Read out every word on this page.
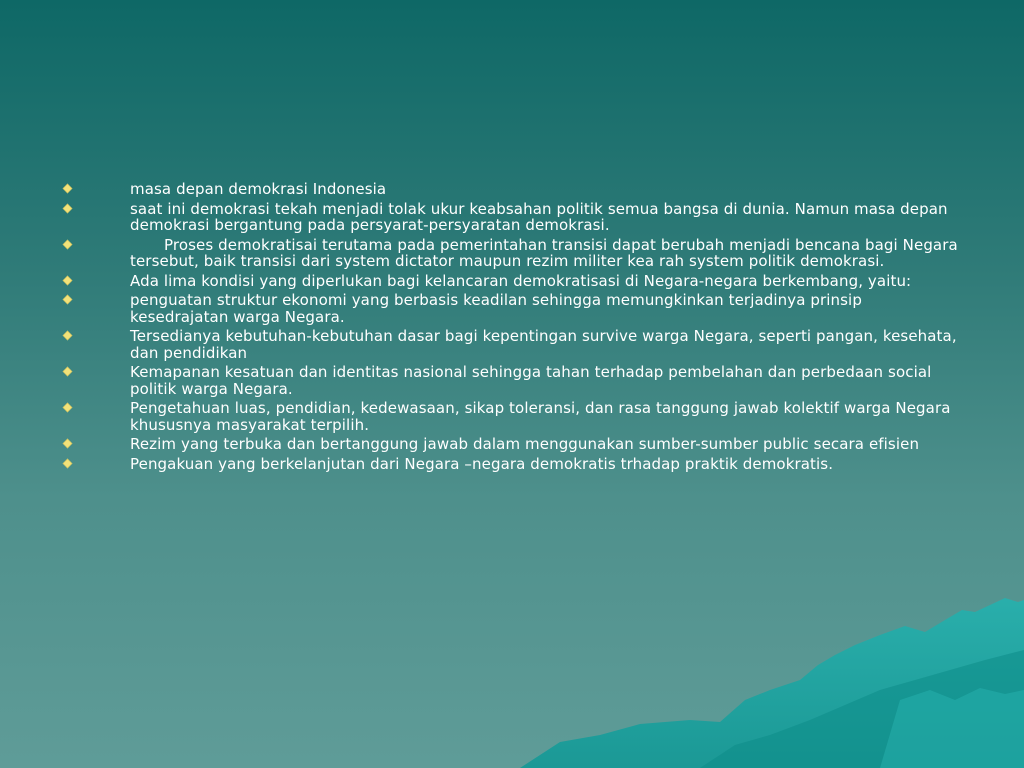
masa depan demokrasi Indonesia
saat ini demokrasi tekah menjadi tolak ukur keabsahan politik semua bangsa di dunia. Namun masa depan demokrasi bergantung pada persyarat-persyaratan demokrasi.
Proses demokratisai terutama pada pemerintahan transisi dapat berubah menjadi bencana bagi Negara tersebut, baik transisi dari system dictator maupun rezim militer kea rah system politik demokrasi.
Ada lima kondisi yang diperlukan bagi kelancaran demokratisasi di Negara-negara berkembang, yaitu:
penguatan struktur ekonomi yang berbasis keadilan sehingga memungkinkan terjadinya prinsip kesedrajatan warga Negara.
Tersedianya kebutuhan-kebutuhan dasar bagi kepentingan survive warga Negara, seperti pangan, kesehata, dan pendidikan
Kemapanan kesatuan dan identitas nasional sehingga tahan terhadap pembelahan dan perbedaan social politik warga Negara.
Pengetahuan luas, pendidian, kedewasaan, sikap toleransi, dan rasa tanggung jawab kolektif warga Negara khususnya masyarakat terpilih.
Rezim yang terbuka dan bertanggung jawab dalam menggunakan sumber-sumber public secara efisien
Pengakuan yang berkelanjutan dari Negara –negara demokratis trhadap praktik demokratis.
